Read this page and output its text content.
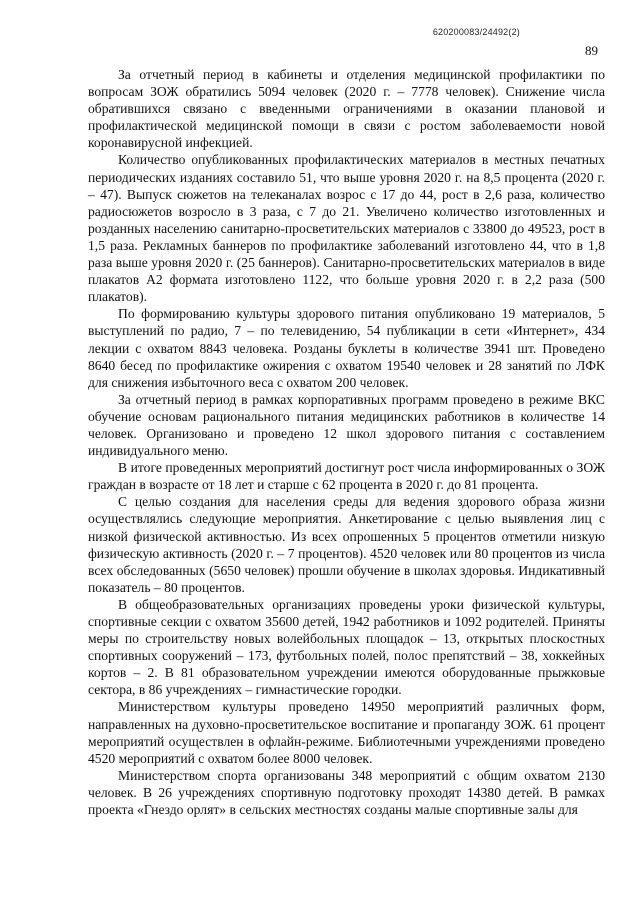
620200083/24492(2)
89

За отчетный период в кабинеты и отделения медицинской профилактики по вопросам ЗОЖ обратились 5094 человек (2020 г. – 7778 человек). Снижение числа обратившихся связано с введенными ограничениями в оказании плановой и профилактической медицинской помощи в связи с ростом заболеваемости новой коронавирусной инфекцией.

Количество опубликованных профилактических материалов в местных печатных периодических изданиях составило 51, что выше уровня 2020 г. на 8,5 процента (2020 г. – 47). Выпуск сюжетов на телеканалах возрос с 17 до 44, рост в 2,6 раза, количество радиосюжетов возросло в 3 раза, с 7 до 21. Увеличено количество изготовленных и розданных населению санитарно-просветительских материалов с 33800 до 49523, рост в 1,5 раза. Рекламных баннеров по профилактике заболеваний изготовлено 44, что в 1,8 раза выше уровня 2020 г. (25 баннеров). Санитарно-просветительских материалов в виде плакатов А2 формата изготовлено 1122, что больше уровня 2020 г. в 2,2 раза (500 плакатов).

По формированию культуры здорового питания опубликовано 19 материалов, 5 выступлений по радио, 7 – по телевидению, 54 публикации в сети «Интернет», 434 лекции с охватом 8843 человека. Розданы буклеты в количестве 3941 шт. Проведено 8640 бесед по профилактике ожирения с охватом 19540 человек и 28 занятий по ЛФК для снижения избыточного веса с охватом 200 человек.

За отчетный период в рамках корпоративных программ проведено в режиме ВКС обучение основам рационального питания медицинских работников в количестве 14 человек. Организовано и проведено 12 школ здорового питания с составлением индивидуального меню.

В итоге проведенных мероприятий достигнут рост числа информированных о ЗОЖ граждан в возрасте от 18 лет и старше с 62 процента в 2020 г. до 81 процента.

С целью создания для населения среды для ведения здорового образа жизни осуществлялись следующие мероприятия. Анкетирование с целью выявления лиц с низкой физической активностью. Из всех опрошенных 5 процентов отметили низкую физическую активность (2020 г. – 7 процентов). 4520 человек или 80 процентов из числа всех обследованных (5650 человек) прошли обучение в школах здоровья. Индикативный показатель – 80 процентов.

В общеобразовательных организациях проведены уроки физической культуры, спортивные секции с охватом 35600 детей, 1942 работников и 1092 родителей. Приняты меры по строительству новых волейбольных площадок – 13, открытых плоскостных спортивных сооружений – 173, футбольных полей, полос препятствий – 38, хоккейных кортов – 2. В 81 образовательном учреждении имеются оборудованные прыжковые сектора, в 86 учреждениях – гимнастические городки.

Министерством культуры проведено 14950 мероприятий различных форм, направленных на духовно-просветительское воспитание и пропаганду ЗОЖ. 61 процент мероприятий осуществлен в офлайн-режиме. Библиотечными учреждениями проведено 4520 мероприятий с охватом более 8000 человек.

Министерством спорта организованы 348 мероприятий с общим охватом 2130 человек. В 26 учреждениях спортивную подготовку проходят 14380 детей. В рамках проекта «Гнездо орлят» в сельских местностях созданы малые спортивные залы для
